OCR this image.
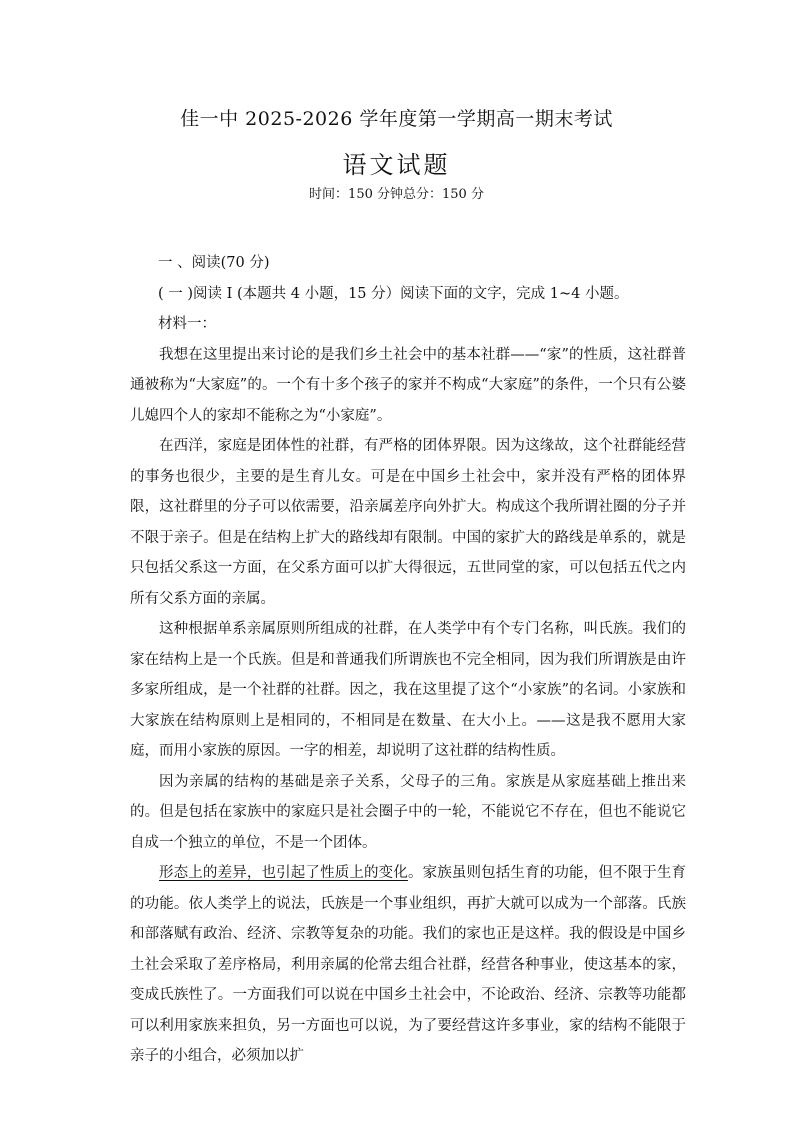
佳一中 2025-2026 学年度第一学期高一期末考试
语文试题
时间：150 分钟总分：150 分
一 、阅读(70 分)
( 一 )阅读 I (本题共 4 小题，15 分）阅读下面的文字，完成 1~4 小题。
材料一：

我想在这里提出来讨论的是我们乡土社会中的基本社群——“家”的性质，这社群普通被称为“大家庭”的。一个有十多个孩子的家并不构成“大家庭”的条件，一个只有公婆儿媳四个人的家却不能称之为“小家庭”。

在西洋，家庭是团体性的社群，有严格的团体界限。因为这缘故，这个社群能经营的事务也很少，主要的是生育儿女。可是在中国乡土社会中，家并没有严格的团体界限，这社群里的分子可以依需要，沿亲属差序向外扩大。构成这个我所谓社圈的分子并不限于亲子。但是在结构上扩大的路线却有限制。中国的家扩大的路线是单系的，就是只包括父系这一方面，在父系方面可以扩大得很远，五世同堂的家，可以包括五代之内所有父系方面的亲属。

这种根据单系亲属原则所组成的社群，在人类学中有个专门名称，叫氏族。我们的家在结构上是一个氏族。但是和普通我们所谓族也不完全相同，因为我们所谓族是由许多家所组成，是一个社群的社群。因之，我在这里提了这个“小家族”的名词。小家族和大家族在结构原则上是相同的，不相同是在数量、在大小上。——这是我不愿用大家庭，而用小家族的原因。一字的相差，却说明了这社群的结构性质。

因为亲属的结构的基础是亲子关系，父母子的三角。家族是从家庭基础上推出来的。但是包括在家族中的家庭只是社会圈子中的一轮，不能说它不存在，但也不能说它自成一个独立的单位，不是一个团体。

形态上的差异，也引起了性质上的变化。家族虽则包括生育的功能，但不限于生育的功能。依人类学上的说法，氏族是一个事业组织，再扩大就可以成为一个部落。氏族和部落赋有政治、经济、宗教等复杂的功能。我们的家也正是这样。我的假设是中国乡土社会采取了差序格局，利用亲属的伦常去组合社群，经营各种事业，使这基本的家，变成氏族性了。一方面我们可以说在中国乡土社会中，不论政治、经济、宗教等功能都可以利用家族来担负，另一方面也可以说，为了要经营这许多事业，家的结构不能限于亲子的小组合，必须加以扩
